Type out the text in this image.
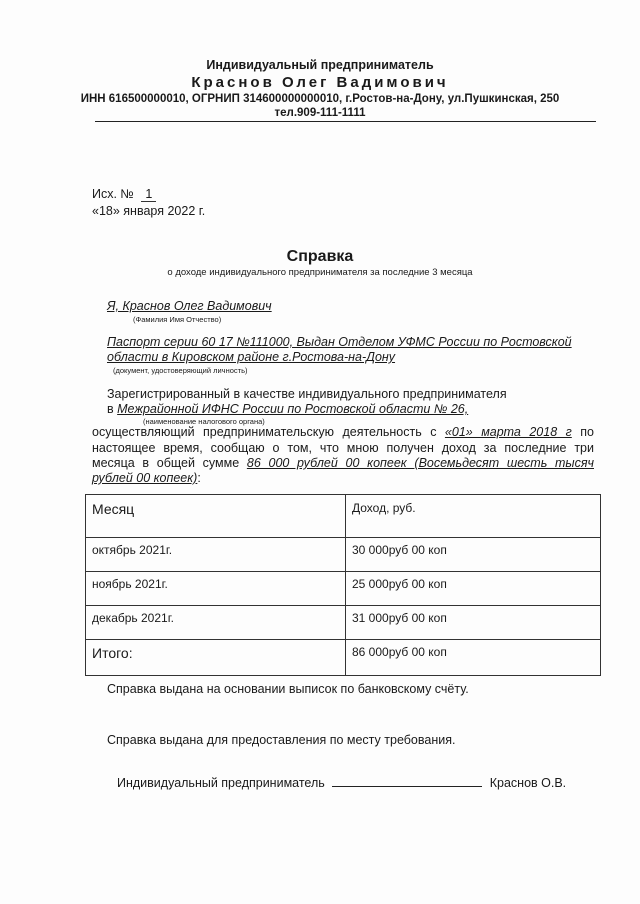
Индивидуальный предприниматель
Краснов Олег Вадимович
ИНН 616500000010, ОГРНИП 314600000000010, г.Ростов-на-Дону, ул.Пушкинская, 250
тел.909-111-1111
Исх. № 1
«18» января 2022 г.
Справка
о доходе индивидуального предпринимателя за последние 3 месяца
Я, Краснов Олег Вадимович
(Фамилия Имя Отчество)
Паспорт серии 60 17 №111000, Выдан Отделом УФМС России по Ростовской
области в Кировском районе г.Ростова-на-Дону
(документ, удостоверяющий личность)
Зарегистрированный в качестве индивидуального предпринимателя
в Межрайонной ИФНС России по Ростовской области № 26,
(наименование налогового органа)
осуществляющий предпринимательскую деятельность с «01» марта 2018 г по
настоящее время, сообщаю о том, что мною получен доход за последние три
месяца в общей сумме 86 000 рублей 00 копеек (Восемьдесят шесть тысяч
рублей 00 копеек):
Месяц	Доход, руб.
октябрь 2021г.	30 000руб 00 коп
ноябрь 2021г.	25 000руб 00 коп
декабрь 2021г.	31 000руб 00 коп
Итого:	86 000руб 00 коп
Справка выдана на основании выписок по банковскому счёту.
Справка выдана для предоставления по месту требования.
Индивидуальный предприниматель	Краснов О.В.
